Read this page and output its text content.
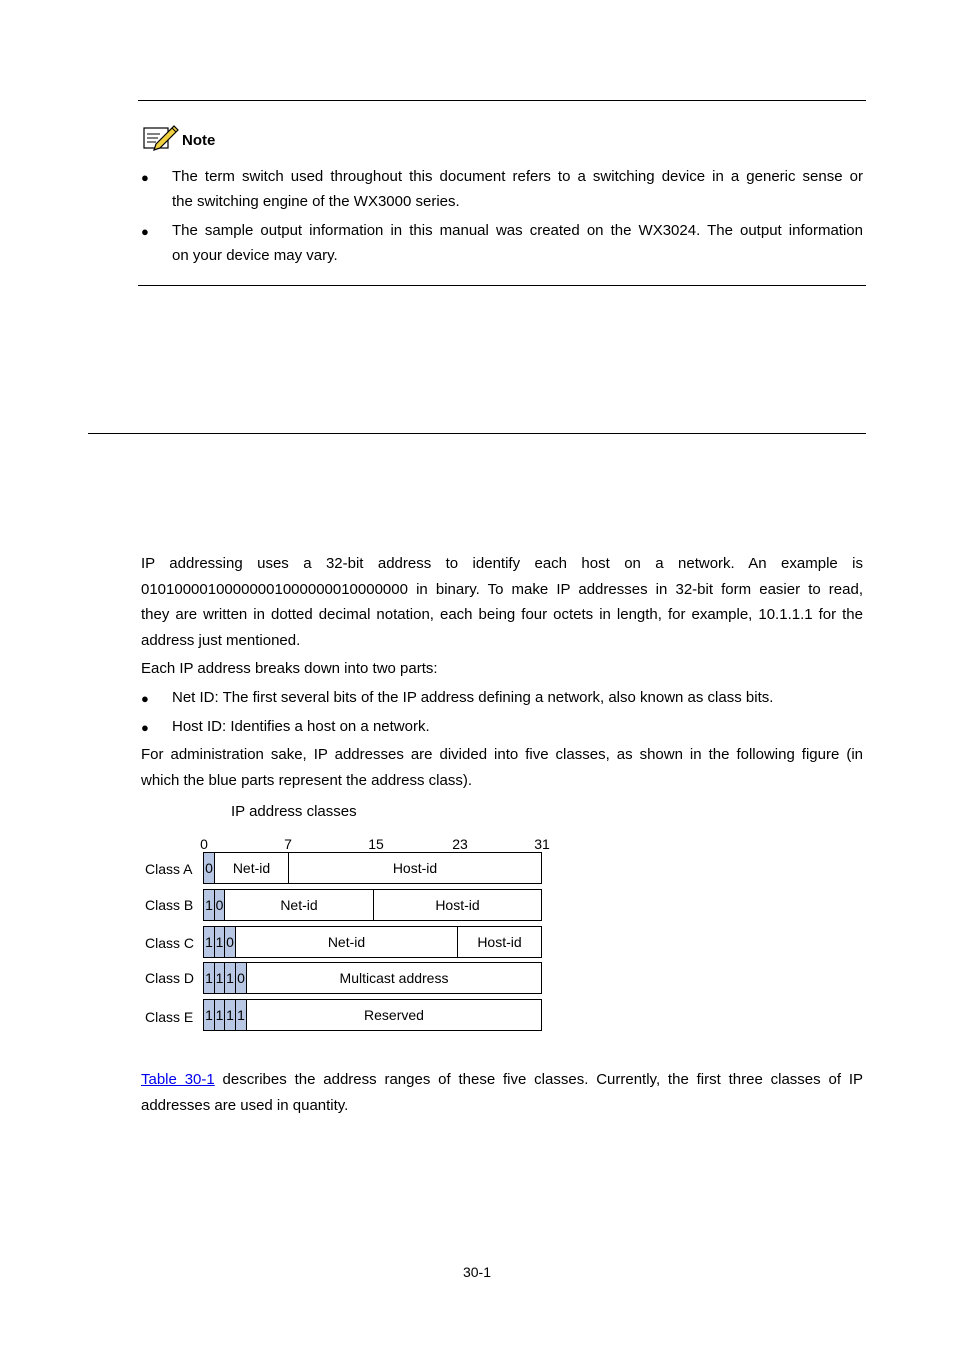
Note
● The term switch used throughout this document refers to a switching device in a generic sense or
the switching engine of the WX3000 series.
● The sample output information in this manual was created on the WX3024. The output information
on your device may vary.
IP addressing uses a 32-bit address to identify each host on a network. An example is
01010000100000001000000010000000 in binary. To make IP addresses in 32-bit form easier to read,
they are written in dotted decimal notation, each being four octets in length, for example, 10.1.1.1 for the
address just mentioned.
Each IP address breaks down into two parts:
● Net ID: The first several bits of the IP address defining a network, also known as class bits.
● Host ID: Identifies a host on a network.
For administration sake, IP addresses are divided into five classes, as shown in the following figure (in
which the blue parts represent the address class).
IP address classes
0	7	15	23	31
Class A 0	Net-id	Host-id
Class B 1 0	Net-id	Host-id
Class C 1 1 0	Net-id	Host-id
Class D 1 1 1 0	Multicast address
Class E 1 1 1 1	Reserved
Table 30-1 describes the address ranges of these five classes. Currently, the first three classes of IP
addresses are used in quantity.
30-1
